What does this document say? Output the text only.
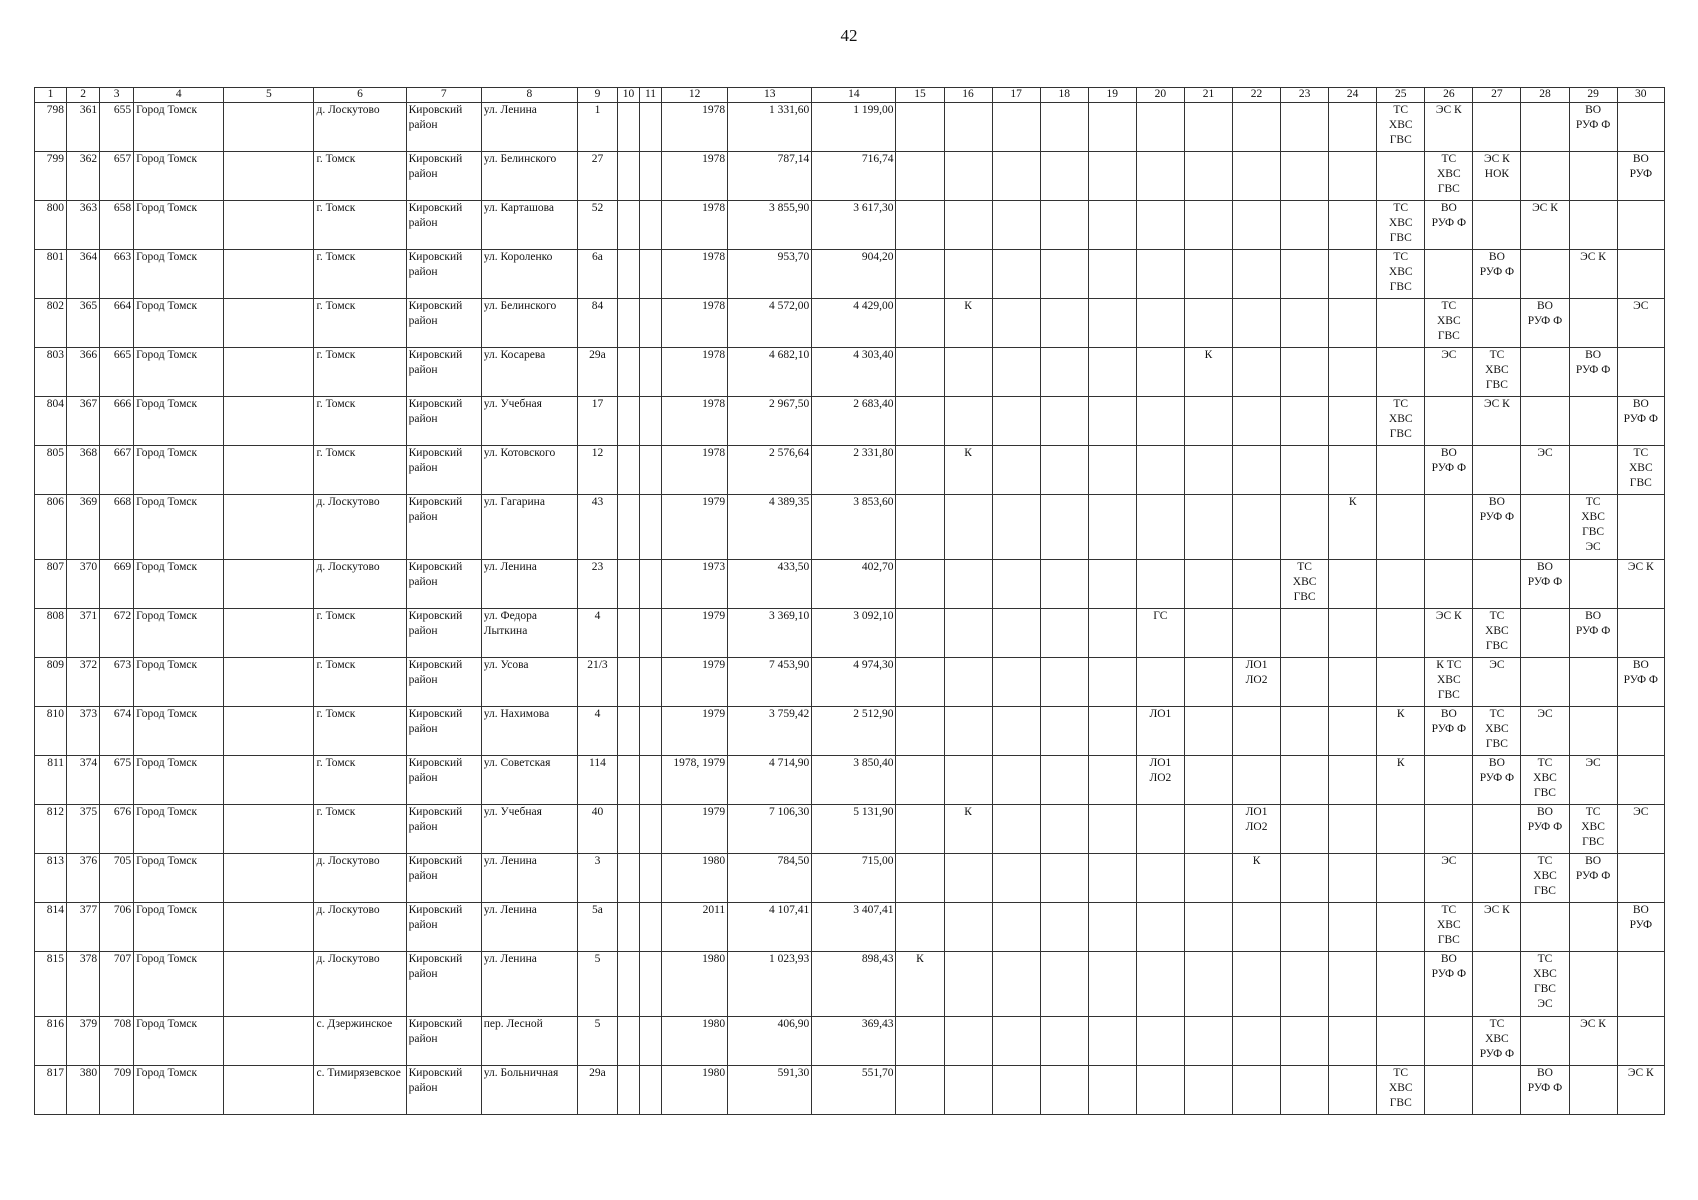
42
1	2	3	4	5	6	7	8	9	10	11	12	13	14	15	16	17	18	19	20	21	22	23	24	25	26	27	28	29	30
798	361	655	Город Томск		д. Лоскутово	Кировский район	ул. Ленина	1			1978	1 331,60	1 199,00											ТС
ХВС
ГВС	ЭС К			ВО
РУФ Ф	
799	362	657	Город Томск		г. Томск	Кировский район	ул. Белинского	27			1978	787,14	716,74												ТС
ХВС
ГВС	ЭС К
НОК			ВО
РУФ
800	363	658	Город Томск		г. Томск	Кировский район	ул. Карташова	52			1978	3 855,90	3 617,30											ТС
ХВС
ГВС	ВО
РУФ Ф		ЭС К		
801	364	663	Город Томск		г. Томск	Кировский район	ул. Короленко	6а			1978	953,70	904,20											ТС
ХВС
ГВС		ВО
РУФ Ф		ЭС К	
802	365	664	Город Томск		г. Томск	Кировский район	ул. Белинского	84			1978	4 572,00	4 429,00		К										ТС
ХВС
ГВС		ВО
РУФ Ф		ЭС
803	366	665	Город Томск		г. Томск	Кировский район	ул. Косарева	29а			1978	4 682,10	4 303,40							К					ЭС	ТС
ХВС
ГВС		ВО
РУФ Ф	
804	367	666	Город Томск		г. Томск	Кировский район	ул. Учебная	17			1978	2 967,50	2 683,40											ТС
ХВС
ГВС		ЭС К			ВО
РУФ Ф
805	368	667	Город Томск		г. Томск	Кировский район	ул. Котовского	12			1978	2 576,64	2 331,80		К										ВО
РУФ Ф		ЭС		ТС
ХВС
ГВС
806	369	668	Город Томск		д. Лоскутово	Кировский район	ул. Гагарина	43			1979	4 389,35	3 853,60										К			ВО
РУФ Ф		ТС
ХВС
ГВС
ЭС	
807	370	669	Город Томск		д. Лоскутово	Кировский район	ул. Ленина	23			1973	433,50	402,70									ТС
ХВС
ГВС					ВО
РУФ Ф		ЭС К
808	371	672	Город Томск		г. Томск	Кировский район	ул. Федора Лыткина	4			1979	3 369,10	3 092,10						ГС						ЭС К	ТС
ХВС
ГВС		ВО
РУФ Ф	
809	372	673	Город Томск		г. Томск	Кировский район	ул. Усова	21/3			1979	7 453,90	4 974,30								ЛО1
ЛО2				К ТС
ХВС
ГВС	ЭС			ВО
РУФ Ф
810	373	674	Город Томск		г. Томск	Кировский район	ул. Нахимова	4			1979	3 759,42	2 512,90						ЛО1					К	ВО
РУФ Ф	ТС
ХВС
ГВС	ЭС		
811	374	675	Город Томск		г. Томск	Кировский район	ул. Советская	114			1978, 1979	4 714,90	3 850,40						ЛО1
ЛО2					К		ВО
РУФ Ф	ТС
ХВС
ГВС	ЭС	
812	375	676	Город Томск		г. Томск	Кировский район	ул. Учебная	40			1979	7 106,30	5 131,90		К						ЛО1
ЛО2						ВО
РУФ Ф	ТС
ХВС
ГВС	ЭС
813	376	705	Город Томск		д. Лоскутово	Кировский район	ул. Ленина	3			1980	784,50	715,00								К				ЭС		ТС
ХВС
ГВС	ВО
РУФ Ф	
814	377	706	Город Томск		д. Лоскутово	Кировский район	ул. Ленина	5а			2011	4 107,41	3 407,41												ТС
ХВС
ГВС	ЭС К			ВО
РУФ
815	378	707	Город Томск		д. Лоскутово	Кировский район	ул. Ленина	5			1980	1 023,93	898,43	К											ВО
РУФ Ф		ТС
ХВС
ГВС
ЭС		
816	379	708	Город Томск		с. Дзержинское	Кировский район	пер. Лесной	5			1980	406,90	369,43													ТС
ХВС
РУФ Ф		ЭС К	
817	380	709	Город Томск		с. Тимирязевское	Кировский район	ул. Больничная	29а			1980	591,30	551,70											ТС
ХВС
ГВС			ВО
РУФ Ф		ЭС К
